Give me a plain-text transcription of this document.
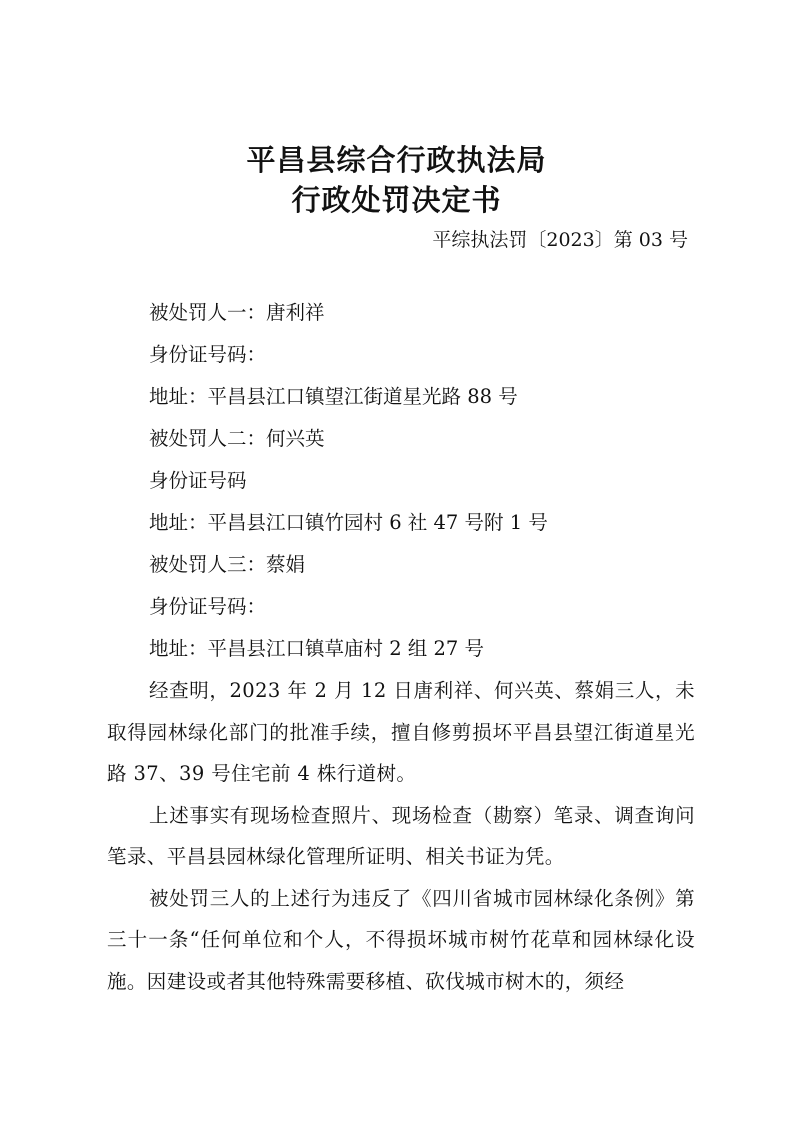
平昌县综合行政执法局
行政处罚决定书
平综执法罚〔2023〕第 03 号
被处罚人一：唐利祥
身份证号码：
地址：平昌县江口镇望江街道星光路 88 号
被处罚人二：何兴英
身份证号码
地址：平昌县江口镇竹园村 6 社 47 号附 1 号
被处罚人三：蔡娟
身份证号码：
地址：平昌县江口镇草庙村 2 组 27 号
经查明，2023 年 2 月 12 日唐利祥、何兴英、蔡娟三人，未取得园林绿化部门的批准手续，擅自修剪损坏平昌县望江街道星光路 37、39 号住宅前 4 株行道树。
上述事实有现场检查照片、现场检查（勘察）笔录、调查询问笔录、平昌县园林绿化管理所证明、相关书证为凭。
被处罚三人的上述行为违反了《四川省城市园林绿化条例》第三十一条“任何单位和个人，不得损坏城市树竹花草和园林绿化设施。因建设或者其他特殊需要移植、砍伐城市树木的，须经
